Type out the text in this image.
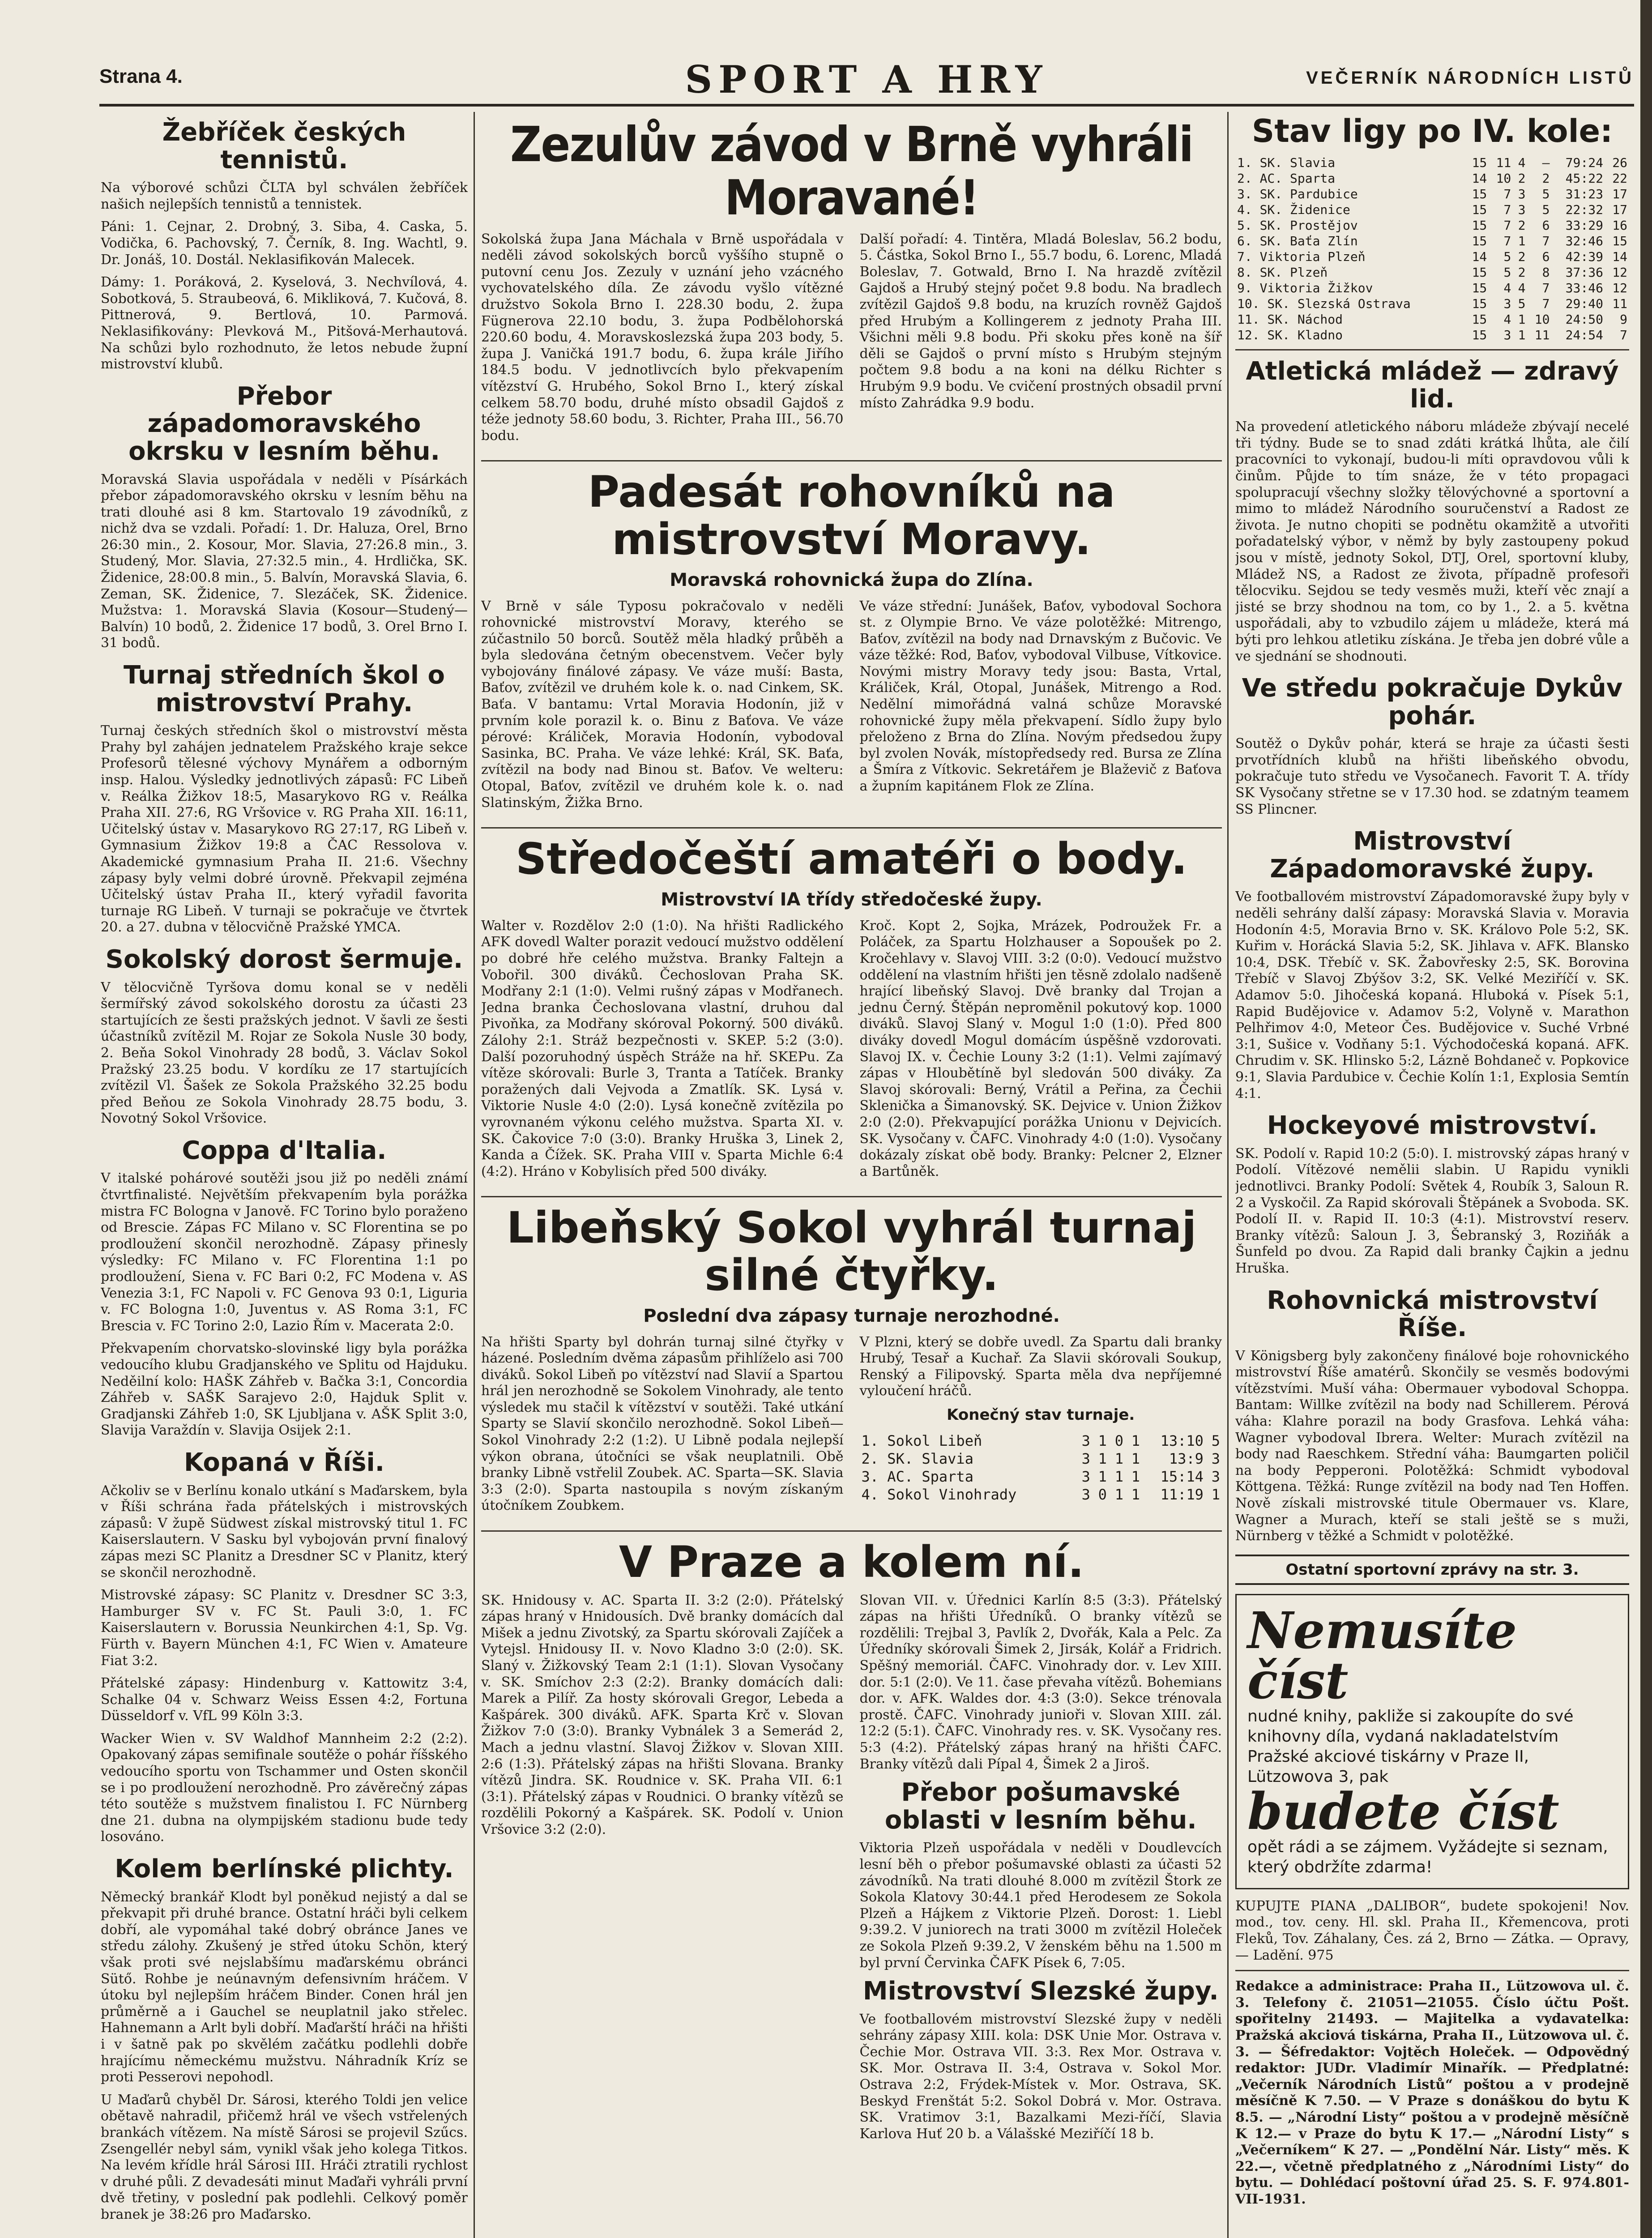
Strana 4.	SPORT A HRY	VEČERNÍK NÁRODNÍCH LISTŮ
Žebříček českých tennistů.

Na výborové schůzi ČLTA byl schválen žebříček našich nejlepších tennistů a tennistek.

Páni: 1. Cejnar, 2. Drobný, 3. Siba, 4. Caska, 5. Vodička, 6. Pachovský, 7. Černík, 8. Ing. Wachtl, 9. Dr. Jonáš, 10. Dostál. Neklasifikován Malecek.

Dámy: 1. Poráková, 2. Kyselová, 3. Nechvílová, 4. Sobotková, 5. Straubeová, 6. Mikliková, 7. Kučová, 8. Pittnerová, 9. Bertlová, 10. Parmová. Neklasifikovány: Plevková M., Pitšová-Merhautová. Na schůzi bylo rozhodnuto, že letos nebude župní mistrovství klubů.

Přebor západomoravského okrsku v lesním běhu.

Moravská Slavia uspořádala v neděli v Písárkách přebor západomoravského okrsku v lesním běhu na trati dlouhé asi 8 km. Startovalo 19 závodníků, z nichž dva se vzdali. Pořadí: 1. Dr. Haluza, Orel, Brno 26:30 min., 2. Kosour, Mor. Slavia, 27:26.8 min., 3. Studený, Mor. Slavia, 27:32.5 min., 4. Hrdlička, SK. Židenice, 28:00.8 min., 5. Balvín, Moravská Slavia, 6. Zeman, SK. Židenice, 7. Slezáček, SK. Židenice. Mužstva: 1. Moravská Slavia (Kosour—Studený—Balvín) 10 bodů, 2. Židenice 17 bodů, 3. Orel Brno I. 31 bodů.

Turnaj středních škol o mistrovství Prahy.

Turnaj českých středních škol o mistrovství města Prahy byl zahájen jednatelem Pražského kraje sekce Profesorů tělesné výchovy Mynářem a odborným insp. Halou. Výsledky jednotlivých zápasů: FC Libeň v. Reálka Žižkov 18:5, Masarykovo RG v. Reálka Praha XII. 27:6, RG Vršovice v. RG Praha XII. 16:11, Učitelský ústav v. Masarykovo RG 27:17, RG Libeň v. Gymnasium Žižkov 19:8 a ČAC Ressolova v. Akademické gymnasium Praha II. 21:6. Všechny zápasy byly velmi dobré úrovně. Překvapil zejména Učitelský ústav Praha II., který vyřadil favorita turnaje RG Libeň. V turnaji se pokračuje ve čtvrtek 20. a 27. dubna v tělocvičně Pražské YMCA.

Sokolský dorost šermuje.

V tělocvičně Tyršova domu konal se v neděli šermířský závod sokolského dorostu za účasti 23 startujících ze šesti pražských jednot. V šavli ze šesti účastníků zvítězil M. Rojar ze Sokola Nusle 30 body, 2. Beňa Sokol Vinohrady 28 bodů, 3. Václav Sokol Pražský 23.25 bodu. V kordíku ze 17 startujících zvítězil Vl. Šašek ze Sokola Pražského 32.25 bodu před Beňou ze Sokola Vinohrady 28.75 bodu, 3. Novotný Sokol Vršovice.

Coppa d'Italia.

V italské pohárové soutěži jsou již po neděli známí čtvrtfinalisté. Největším překvapením byla porážka mistra FC Bologna v Janově. FC Torino bylo poraženo od Brescie. Zápas FC Milano v. SC Florentina se po prodloužení skončil nerozhodně. Zápasy přinesly výsledky: FC Milano v. FC Florentina 1:1 po prodloužení, Siena v. FC Bari 0:2, FC Modena v. AS Venezia 3:1, FC Napoli v. FC Genova 93 0:1, Liguria v. FC Bologna 1:0, Juventus v. AS Roma 3:1, FC Brescia v. FC Torino 2:0, Lazio Řím v. Macerata 2:0.

Překvapením chorvatsko-slovinské ligy byla porážka vedoucího klubu Gradjanského ve Splitu od Hajduku. Neděilní kolo: HAŠK Záhřeb v. Bačka 3:1, Concordia Záhřeb v. SAŠK Sarajevo 2:0, Hajduk Split v. Gradjanski Záhřeb 1:0, SK Ljubljana v. AŠK Split 3:0, Slavija Varaždín v. Slavija Osijek 2:1.

Kopaná v Říši.

Ačkoliv se v Berlínu konalo utkání s Maďarskem, byla v Říši schrána řada přátelských i mistrovských zápasů: V župě Südwest získal mistrovský titul 1. FC Kaiserslautern. V Sasku byl vybojován první finalový zápas mezi SC Planitz a Dresdner SC v Planitz, který se skončil nerozhodně.

Mistrovské zápasy: SC Planitz v. Dresdner SC 3:3, Hamburger SV v. FC St. Pauli 3:0, 1. FC Kaiserslautern v. Borussia Neunkirchen 4:1, Sp. Vg. Fürth v. Bayern München 4:1, FC Wien v. Amateure Fiat 3:2.

Přátelské zápasy: Hindenburg v. Kattowitz 3:4, Schalke 04 v. Schwarz Weiss Essen 4:2, Fortuna Düsseldorf v. VfL 99 Köln 3:3.

Wacker Wien v. SV Waldhof Mannheim 2:2 (2:2). Opakovaný zápas semifinale soutěže o pohár říšského vedoucího sportu von Tschammer und Osten skončil se i po prodloužení nerozhodně. Pro závěrečný zápas této soutěže s mužstvem finalistou I. FC Nürnberg dne 21. dubna na olympijském stadionu bude tedy losováno.

Kolem berlínské plichty.

Německý brankář Klodt byl poněkud nejistý a dal se překvapit při druhé brance. Ostatní hráči byli celkem dobří, ale vypomáhal také dobrý obránce Janes ve středu zálohy. Zkušený je střed útoku Schön, který však proti své nejslabšímu maďarskému obránci Sütő. Rohbe je neúnavným defensivním hráčem. V útoku byl nejlepším hráčem Binder. Conen hrál jen průměrně a i Gauchel se neuplatnil jako střelec. Hahnemann a Arlt byli dobří. Maďarští hráči na hřišti i v šatně pak po skvělém začátku podlehli dobře hrajícímu německému mužstvu. Náhradník Kríz se proti Pesserovi nepohodl.

U Maďarů chyběl Dr. Sárosi, kterého Toldi jen velice obětavě nahradil, přičemž hrál ve všech vstřelených brankách vítězem. Na místě Sárosi se projevil Szűcs. Zsengellér nebyl sám, vynikl však jeho kolega Titkos. Na levém křídle hrál Sárosi III. Hráči ztratili rychlost v druhé půli. Z devadesáti minut Maďaři vyhráli první dvě třetiny, v poslední pak podlehli. Celkový poměr branek je 38:26 pro Maďarsko.

Zezulův závod v Brně vyhráli Moravané!

Sokolská župa Jana Máchala v Brně uspořádala v neděli závod sokolských borců vyššího stupně o putovní cenu Jos. Zezuly v uznání jeho vzácného vychovatelského díla. Ze závodu vyšlo vítězné družstvo Sokola Brno I. 228.30 bodu, 2. župa Fügnerova 22.10 bodu, 3. župa Podbělohorská 220.60 bodu, 4. Moravskoslezská župa 203 body, 5. župa J. Vaničká 191.7 bodu, 6. župa krále Jiřího 184.5 bodu. V jednotlivcích bylo překvapením vítězství G. Hrubého, Sokol Brno I., který získal celkem 58.70 bodu, druhé místo obsadil Gajdoš z téže jednoty 58.60 bodu, 3. Richter, Praha III., 56.70 bodu.

Další pořadí: 4. Tintěra, Mladá Boleslav, 56.2 bodu, 5. Částka, Sokol Brno I., 55.7 bodu, 6. Lorenc, Mladá Boleslav, 7. Gotwald, Brno I. Na hrazdě zvítězil Gajdoš a Hrubý stejný počet 9.8 bodu. Na bradlech zvítězil Gajdoš 9.8 bodu, na kruzích rovněž Gajdoš před Hrubým a Kollingerem z jednoty Praha III. Všichni měli 9.8 bodu. Při skoku přes koně na šíř děli se Gajdoš o první místo s Hrubým stejným počtem 9.8 bodu a na koni na délku Richter s Hrubým 9.9 bodu. Ve cvičení prostných obsadil první místo Zahrádka 9.9 bodu.

Padesát rohovníků na mistrovství Moravy.
Moravská rohovnická župa do Zlína.

V Brně v sále Typosu pokračovalo v neděli rohovnické mistrovství Moravy, kterého se zúčastnilo 50 borců. Soutěž měla hladký průběh a byla sledována četným obecenstvem. Večer byly vybojovány finálové zápasy. Ve váze muší: Basta, Baťov, zvítězil ve druhém kole k. o. nad Cinkem, SK. Baťa. V bantamu: Vrtal Moravia Hodonín, již v prvním kole porazil k. o. Binu z Baťova. Ve váze pérové: Králiček, Moravia Hodonín, vybodoval Sasinka, BC. Praha. Ve váze lehké: Král, SK. Baťa, zvítězil na body nad Binou st. Baťov. Ve welteru: Otopal, Baťov, zvítězil ve druhém kole k. o. nad Slatinským, Žižka Brno.

Ve váze střední: Junášek, Baťov, vybodoval Sochora st. z Olympie Brno. Ve váze polotěžké: Mitrengo, Baťov, zvítězil na body nad Drnavským z Bučovic. Ve váze těžké: Rod, Baťov, vybodoval Vilbuse, Vítkovice. Novými mistry Moravy tedy jsou: Basta, Vrtal, Králiček, Král, Otopal, Junášek, Mitrengo a Rod. Nedělní mimořádná valná schůze Moravské rohovnické župy měla překvapení. Sídlo župy bylo přeloženo z Brna do Zlína. Novým předsedou župy byl zvolen Novák, místopředsedy red. Bursa ze Zlína a Šmíra z Vítkovic. Sekretářem je Blaževič z Baťova a župním kapitánem Flok ze Zlína.

Středočeští amatéři o body.
Mistrovství IA třídy středočeské župy.

Walter v. Rozdělov 2:0 (1:0). Na hřišti Radlického AFK dovedl Walter porazit vedoucí mužstvo oddělení po dobré hře celého mužstva. Branky Faltejn a Vobořil. 300 diváků. Čechoslovan Praha SK. Modřany 2:1 (1:0). Velmi rušný zápas v Modřanech. Jedna branka Čechoslovana vlastní, druhou dal Pivoňka, za Modřany skóroval Pokorný. 500 diváků. Zálohy 2:1. Stráž bezpečnosti v. SKEP. 5:2 (3:0). Další pozoruhodný úspěch Stráže na hř. SKEPu. Za vítěze skórovali: Burle 3, Tranta a Tatíček. Branky poražených dali Vejvoda a Zmatlík. SK. Lysá v. Viktorie Nusle 4:0 (2:0). Lysá konečně zvítězila po vyrovnaném výkonu celého mužstva. Sparta XI. v. SK. Čakovice 7:0 (3:0). Branky Hruška 3, Linek 2, Kanda a Čížek. SK. Praha VIII v. Sparta Michle 6:4 (4:2). Hráno v Kobylisích před 500 diváky.

Kroč. Kopt 2, Sojka, Mrázek, Podroužek Fr. a Poláček, za Spartu Holzhauser a Sopoušek po 2. Kročehlavy v. Slavoj VIII. 3:2 (0:0). Vedoucí mužstvo oddělení na vlastním hřišti jen těsně zdolalo nadšeně hrající libeňský Slavoj. Dvě branky dal Trojan a jednu Černý. Štěpán neproměnil pokutový kop. 1000 diváků. Slavoj Slaný v. Mogul 1:0 (1:0). Před 800 diváky dovedl Mogul domácím úspěšně vzdorovati. Slavoj IX. v. Čechie Louny 3:2 (1:1). Velmi zajímavý zápas v Hloubětíně byl sledován 500 diváky. Za Slavoj skórovali: Berný, Vrátil a Peřina, za Čechii Sklenička a Šimanovský. SK. Dejvice v. Union Žižkov 2:0 (2:0). Překvapující porážka Unionu v Dejvicích. SK. Vysočany v. ČAFC. Vinohrady 4:0 (1:0). Vysočany dokázaly získat obě body. Branky: Pelcner 2, Elzner a Bartůněk.

Libeňský Sokol vyhrál turnaj silné čtyřky.
Poslední dva zápasy turnaje nerozhodné.

Na hřišti Sparty byl dohrán turnaj silné čtyřky v házené. Posledním dvěma zápasům přihlíželo asi 700 diváků. Sokol Libeň po vítězství nad Slavií a Spartou hrál jen nerozhodně se Sokolem Vinohrady, ale tento výsledek mu stačil k vítězství v soutěži. Také utkání Sparty se Slavií skončilo nerozhodně. Sokol Libeň—Sokol Vinohrady 2:2 (1:2). U Libně podala nejlepší výkon obrana, útočníci se však neuplatnili. Obě branky Libně vstřelil Zoubek. AC. Sparta—SK. Slavia 3:3 (2:0). Sparta nastoupila s novým získaným útočníkem Zoubkem.

V Plzni, který se dobře uvedl. Za Spartu dali branky Hrubý, Tesař a Kuchař. Za Slavii skórovali Soukup, Renský a Filipovský. Sparta měla dva nepříjemné vyloučení hráčů.

Konečný stav turnaje.
1. Sokol Libeň	3	1	0	1	13:10	5
2. SK. Slavia	3	1	1	1	13:9	3
3. AC. Sparta	3	1	1	1	15:14	3
4. Sokol Vinohrady	3	0	1	1	11:19	1
V Praze a kolem ní.

SK. Hnidousy v. AC. Sparta II. 3:2 (2:0). Přátelský zápas hraný v Hnidousích. Dvě branky domácích dal Mišek a jednu Zivotský, za Spartu skórovali Zajíček a Vytejsl. Hnidousy II. v. Novo Kladno 3:0 (2:0). SK. Slaný v. Žižkovský Team 2:1 (1:1). Slovan Vysočany v. SK. Smíchov 2:3 (2:2). Branky domácích dali: Marek a Pilíř. Za hosty skórovali Gregor, Lebeda a Kašpárek. 300 diváků. AFK. Sparta Krč v. Slovan Žižkov 7:0 (3:0). Branky Vybnálek 3 a Semerád 2, Mach a jednu vlastní. Slavoj Žižkov v. Slovan XIII. 2:6 (1:3). Přátelský zápas na hřišti Slovana. Branky vítězů Jindra. SK. Roudnice v. SK. Praha VII. 6:1 (3:1). Přátelský zápas v Roudnici. O branky vítězů se rozdělili Pokorný a Kašpárek. SK. Podolí v. Union Vršovice 3:2 (2:0).

Slovan VII. v. Úřednici Karlín 8:5 (3:3). Přátelský zápas na hřišti Úředníků. O branky vítězů se rozdělili: Trejbal 3, Pavlík 2, Dvořák, Kala a Pelc. Za Úředníky skórovali Šimek 2, Jirsák, Kolář a Fridrich. Spěšný memoriál. ČAFC. Vinohrady dor. v. Lev XIII. dor. 5:1 (2:0). Ve 11. čase převaha vítězů. Bohemians dor. v. AFK. Waldes dor. 4:3 (3:0). Sekce trénovala prostě. ČAFC. Vinohrady junioři v. Slovan XIII. zál. 12:2 (5:1). ČAFC. Vinohrady res. v. SK. Vysočany res. 5:3 (4:2). Přátelský zápas hraný na hřišti ČAFC. Branky vítězů dali Pípal 4, Šimek 2 a Jiroš.

Přebor pošumavské oblasti v lesním běhu.

Viktoria Plzeň uspořádala v neděli v Doudlevcích lesní běh o přebor pošumavské oblasti za účasti 52 závodníků. Na trati dlouhé 8.000 m zvítězil Štork ze Sokola Klatovy 30:44.1 před Herodesem ze Sokola Plzeň a Hájkem z Viktorie Plzeň. Dorost: 1. Liebl 9:39.2. V juniorech na trati 3000 m zvítězil Holeček ze Sokola Plzeň 9:39.2, V ženském běhu na 1.500 m byl první Červinka ČAFK Písek 6, 7:05.

Mistrovství Slezské župy.

Ve footballovém mistrovství Slezské župy v neděli sehrány zápasy XIII. kola: DSK Unie Mor. Ostrava v. Čechie Mor. Ostrava VII. 3:3. Rex Mor. Ostrava v. SK. Mor. Ostrava II. 3:4, Ostrava v. Sokol Mor. Ostrava 2:2, Frýdek-Místek v. Mor. Ostrava, SK. Beskyd Frenštát 5:2. Sokol Dobrá v. Mor. Ostrava. SK. Vratimov 3:1, Bazalkami Mezi-říčí, Slavia Karlova Huť 20 b. a Válašské Meziříčí 18 b.

Stav ligy po IV. kole:
1. SK. Slavia	15	11	4	—	79:24	26
2. AC. Sparta	14	10	2	2	45:22	22
3. SK. Pardubice	15	7	3	5	31:23	17
4. SK. Židenice	15	7	3	5	22:32	17
5. SK. Prostějov	15	7	2	6	33:29	16
6. SK. Baťa Zlín	15	7	1	7	32:46	15
7. Viktoria Plzeň	14	5	2	6	42:39	14
8. SK. Plzeň	15	5	2	8	37:36	12
9. Viktoria Žižkov	15	4	4	7	33:46	12
10. SK. Slezská Ostrava	15	3	5	7	29:40	11
11. SK. Náchod	15	4	1	10	24:50	9
12. SK. Kladno	15	3	1	11	24:54	7
Atletická mládež — zdravý lid.

Na provedení atletického náboru mládeže zbývají necelé tři týdny. Bude se to snad zdáti krátká lhůta, ale čilí pracovníci to vykonají, budou-li míti opravdovou vůli k činům. Půjde to tím snáze, že v této propagaci spolupracují všechny složky tělovýchovné a sportovní a mimo to mládež Národního souručenství a Radost ze života. Je nutno chopiti se podnětu okamžitě a utvořiti pořadatelský výbor, v němž by byly zastoupeny pokud jsou v místě, jednoty Sokol, DTJ, Orel, sportovní kluby, Mládež NS, a Radost ze života, případně profesoři tělocviku. Sejdou se tedy vesměs muži, kteří věc znají a jisté se brzy shodnou na tom, co by 1., 2. a 5. května uspořádali, aby to vzbudilo zájem u mládeže, která má býti pro lehkou atletiku získána. Je třeba jen dobré vůle a ve sjednání se shodnouti.

Ve středu pokračuje Dykův pohár.

Soutěž o Dykův pohár, která se hraje za účasti šesti prvotřídních klubů na hřišti libeňského obvodu, pokračuje tuto středu ve Vysočanech. Favorit T. A. třídy SK Vysočany střetne se v 17.30 hod. se zdatným teamem SS Plincner.

Mistrovství Západomoravské župy.

Ve footballovém mistrovství Západomoravské župy byly v neděli sehrány další zápasy: Moravská Slavia v. Moravia Hodonín 4:5, Moravia Brno v. SK. Královo Pole 5:2, SK. Kuřim v. Horácká Slavia 5:2, SK. Jihlava v. AFK. Blansko 10:4, DSK. Třebíč v. SK. Žabovřesky 2:5, SK. Borovina Třebíč v Slavoj Zbýšov 3:2, SK. Velké Meziříčí v. SK. Adamov 5:0. Jihočeská kopaná. Hluboká v. Písek 5:1, Rapid Budějovice v. Adamov 5:2, Volyně v. Marathon Pelhřimov 4:0, Meteor Čes. Budějovice v. Suché Vrbné 3:1, Sušice v. Vodňany 5:1. Východočeská kopaná. AFK. Chrudim v. SK. Hlinsko 5:2, Lázně Bohdaneč v. Popkovice 9:1, Slavia Pardubice v. Čechie Kolín 1:1, Explosia Semtín 4:1.

Hockeyové mistrovství.

SK. Podolí v. Rapid 10:2 (5:0). I. mistrovský zápas hraný v Podolí. Vítězové nemělii slabin. U Rapidu vynikli jednotlivci. Branky Podolí: Světek 4, Roubík 3, Saloun R. 2 a Vyskočil. Za Rapid skórovali Štěpánek a Svoboda. SK. Podolí II. v. Rapid II. 10:3 (4:1). Mistrovství reserv. Branky vítězů: Saloun J. 3, Šebranský 3, Roziňák a Šunfeld po dvou. Za Rapid dali branky Čajkin a jednu Hruška.

Rohovnická mistrovství Říše.

V Königsberg byly zakončeny finálové boje rohovnického mistrovství Říše amatérů. Skončily se vesměs bodovými vítězstvími. Muší váha: Obermauer vybodoval Schoppa. Bantam: Willke zvítězil na body nad Schillerem. Pérová váha: Klahre porazil na body Grasfova. Lehká váha: Wagner vybodoval Ibrera. Welter: Murach zvítězil na body nad Raeschkem. Střední váha: Baumgarten poličil na body Pepperoni. Polotěžká: Schmidt vybodoval Köttgena. Těžká: Runge zvítězil na body nad Ten Hoffen. Nově získali mistrovské titule Obermauer vs. Klare, Wagner a Murach, kteří se stali ještě se s muži, Nürnberg v těžké a Schmidt v polotěžké.

Ostatní sportovní zprávy na str. 3.
Nemusíte číst
nudné knihy, pakliže si zakoupíte do své knihovny díla, vydaná nakladatelstvím Pražské akciové tiskárny v Praze II, Lützowova 3, pak
budete číst
opět rádi a se zájmem. Vyžádejte si seznam, který obdržíte zdarma!

KUPUJTE PIANA „DALIBOR“, budete spokojeni! Nov. mod., tov. ceny. Hl. skl. Praha II., Křemencova, proti Fleků, Tov. Záhalany, Čes. zá 2, Brno — Zátka. — Opravy, — Ladění. 975

Redakce a administrace: Praha II., Lützowova ul. č. 3. Telefony č. 21051—21055. Číslo účtu Pošt. spořitelny 21493. — Majitelka a vydavatelka: Pražská akciová tiskárna, Praha II., Lützowova ul. č. 3. — Šéfredaktor: Vojtěch Holeček. — Odpovědný redaktor: JUDr. Vladimír Minařík. — Předplatné: „Večerník Národních Listů“ poštou a v prodejně měsíčně K 7.50. — V Praze s donáškou do bytu K 8.5. — „Národní Listy“ poštou a v prodejně měsíčně K 12.— v Praze do bytu K 17.— „Národní Listy“ s „Večerníkem“ K 27. — „Pondělní Nár. Listy“ měs. K 22.—, včetně předplatného z „Národními Listy“ do bytu. — Dohlédací poštovní úřad 25. S. F. 974.801-VII-1931.
